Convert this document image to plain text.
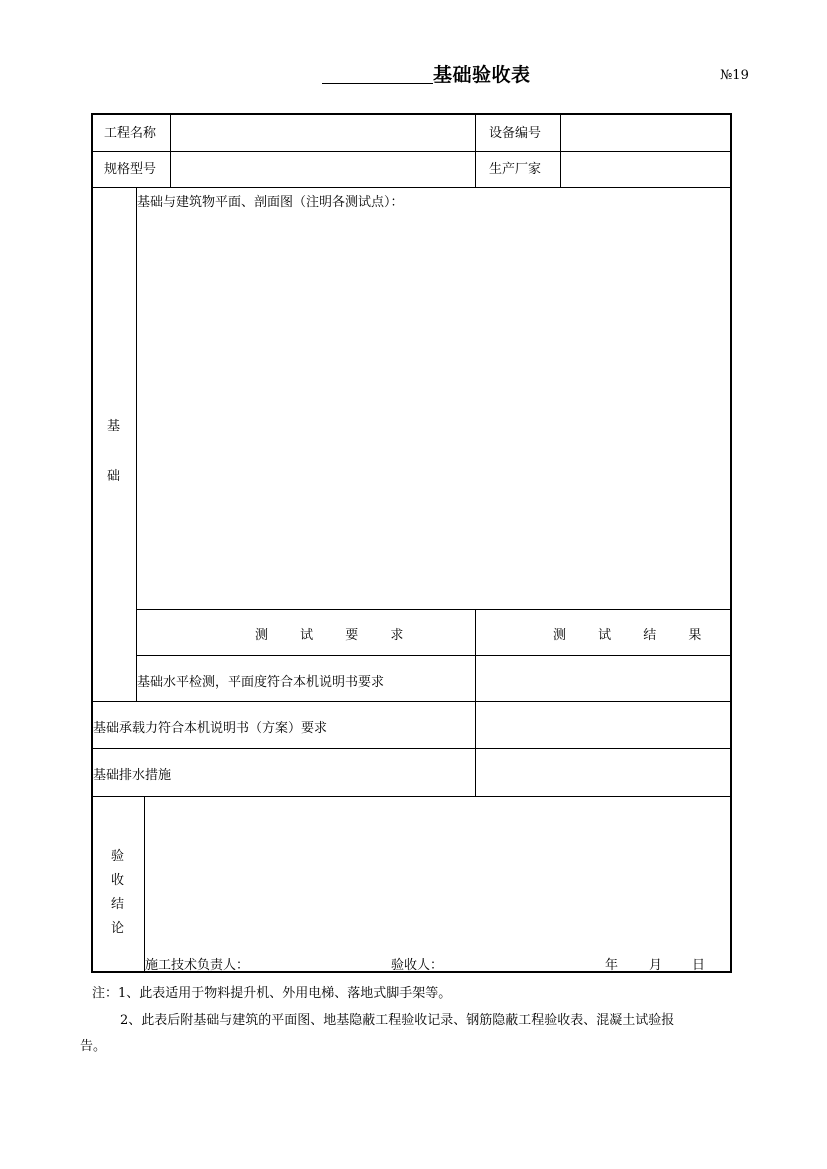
基础验收表	№19
工程名称	设备编号
规格型号	生产厂家
基
础
基础与建筑物平面、剖面图（注明各测试点）：
测 试 要 求	测 试 结 果
基础水平检测，平面度符合本机说明书要求
基础承载力符合本机说明书（方案）要求
基础排水措施
验
收
结
论
施工技术负责人：	验收人：	年 月 日
注：1、此表适用于物料提升机、外用电梯、落地式脚手架等。
2、此表后附基础与建筑的平面图、地基隐蔽工程验收记录、钢筋隐蔽工程验收表、混凝土试验报
告。
